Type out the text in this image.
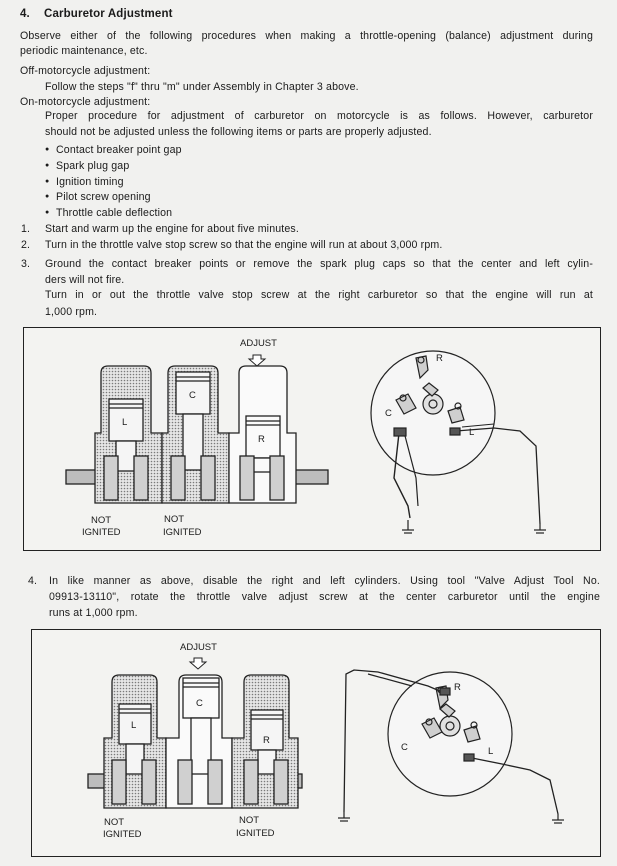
4. Carburetor Adjustment
Observe either of the following procedures when making a throttle-opening (balance) adjustment during
periodic maintenance, etc.
Off-motorcycle adjustment:
Follow the steps "f" thru "m" under Assembly in Chapter 3 above.
On-motorcycle adjustment:
Proper procedure for adjustment of carburetor on motorcycle is as follows. However, carburetor
should not be adjusted unless the following items or parts are properly adjusted.
● Contact breaker point gap
● Spark plug gap
● Ignition timing
● Pilot screw opening
● Throttle cable deflection
1. Start and warm up the engine for about five minutes.
2. Turn in the throttle valve stop screw so that the engine will run at about 3,000 rpm.
3. Ground the contact breaker points or remove the spark plug caps so that the center and left cylin-
ders will not fire.
Turn in or out the throttle valve stop screw at the right carburetor so that the engine will run at
1,000 rpm.
ADJUST
L
C
R
NOT
IGNITED
NOT
IGNITED
R
C
L
4. In like manner as above, disable the right and left cylinders. Using tool "Valve Adjust Tool No.
09913-13110", rotate the throttle valve adjust screw at the center carburetor until the engine
runs at 1,000 rpm.
ADJUST
L
C
R
NOT
IGNITED
NOT
IGNITED
R
C	L
